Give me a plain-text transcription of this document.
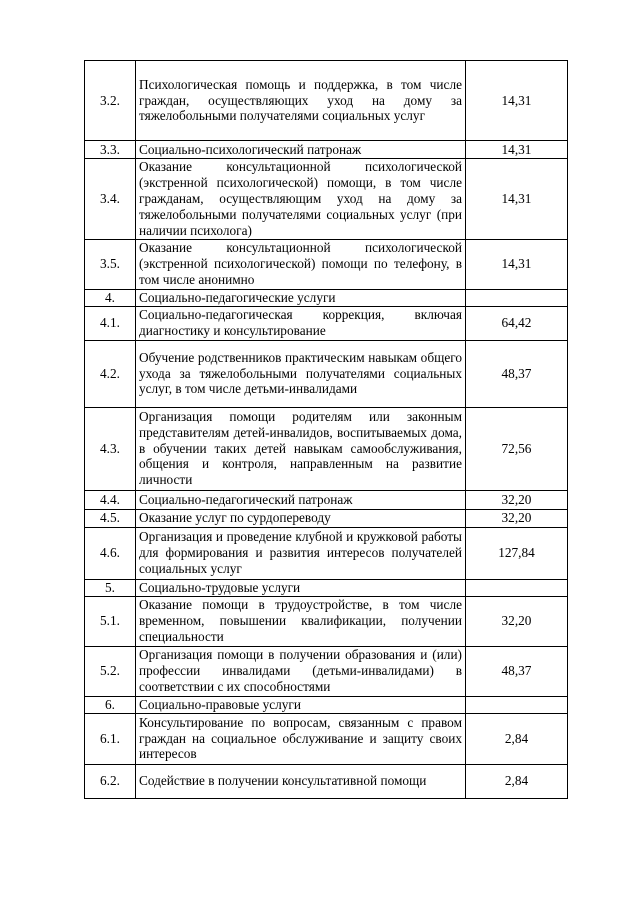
3.2.	Психологическая помощь и поддержка, в том числе граждан, осуществляющих уход на дому за тяжелобольными получателями социальных услуг	14,31
3.3.	Социально-психологический патронаж	14,31
3.4.	Оказание консультационной психологической (экстренной психологической) помощи, в том числе гражданам, осуществляющим уход на дому за тяжелобольными получателями социальных услуг (при наличии психолога)	14,31
3.5.	Оказание консультационной психологической (экстренной психологической) помощи по телефону, в том числе анонимно	14,31
4.	Социально-педагогические услуги	
4.1.	Социально-педагогическая коррекция, включая диагностику и консультирование	64,42
4.2.	Обучение родственников практическим навыкам общего ухода за тяжелобольными получателями социальных услуг, в том числе детьми-инвалидами	48,37
4.3.	Организация помощи родителям или законным представителям детей-инвалидов, воспитываемых дома, в обучении таких детей навыкам самообслуживания, общения и контроля, направленным на развитие личности	72,56
4.4.	Социально-педагогический патронаж	32,20
4.5.	Оказание услуг по сурдопереводу	32,20
4.6.	Организация и проведение клубной и кружковой работы для формирования и развития интересов получателей социальных услуг	127,84
5.	Социально-трудовые услуги	
5.1.	Оказание помощи в трудоустройстве, в том числе временном, повышении квалификации, получении специальности	32,20
5.2.	Организация помощи в получении образования и (или) профессии инвалидами (детьми-инвалидами) в соответствии с их способностями	48,37
6.	Социально-правовые услуги	
6.1.	Консультирование по вопросам, связанным с правом граждан на социальное обслуживание и защиту своих интересов	2,84
6.2.	Содействие в получении консультативной помощи	2,84
